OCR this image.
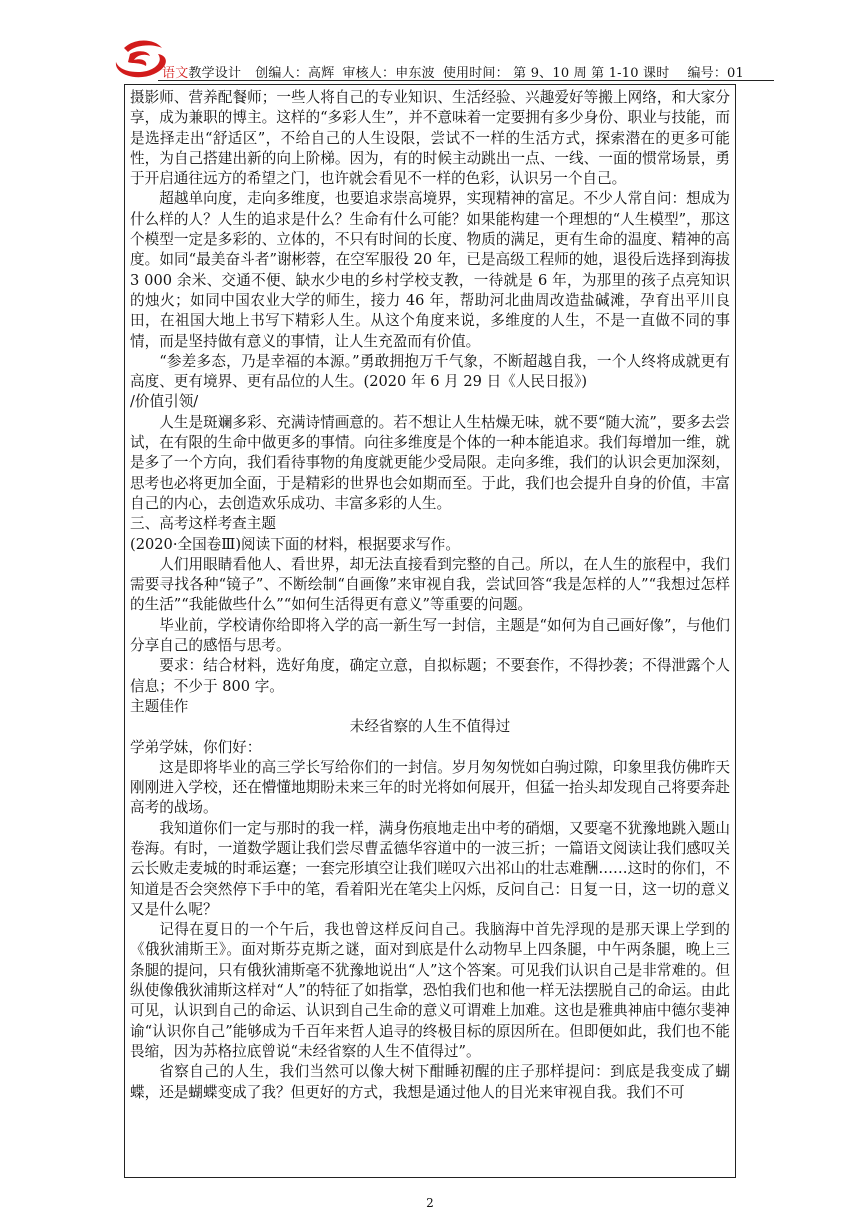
语文教学设计 创编人：高辉 审核人：申东波 使用时间： 第 9、10 周 第 1-10 课时 编号：01

摄影师、营养配餐师；一些人将自己的专业知识、生活经验、兴趣爱好等搬上网络，和大家分享，成为兼职的博主。这样的“多彩人生”，并不意味着一定要拥有多少身份、职业与技能，而是选择走出“舒适区”，不给自己的人生设限，尝试不一样的生活方式，探索潜在的更多可能性，为自己搭建出新的向上阶梯。因为，有的时候主动跳出一点、一线、一面的惯常场景，勇于开启通往远方的希望之门，也许就会看见不一样的色彩，认识另一个自己。

超越单向度，走向多维度，也要追求崇高境界，实现精神的富足。不少人常自问：想成为什么样的人？人生的追求是什么？生命有什么可能？如果能构建一个理想的“人生模型”，那这个模型一定是多彩的、立体的，不只有时间的长度、物质的满足，更有生命的温度、精神的高度。如同“最美奋斗者”谢彬蓉，在空军服役 20 年，已是高级工程师的她，退役后选择到海拔 3 000 余米、交通不便、缺水少电的乡村学校支教，一待就是 6 年，为那里的孩子点亮知识的烛火；如同中国农业大学的师生，接力 46 年，帮助河北曲周改造盐碱滩，孕育出平川良田，在祖国大地上书写下精彩人生。从这个角度来说，多维度的人生，不是一直做不同的事情，而是坚持做有意义的事情，让人生充盈而有价值。

“参差多态，乃是幸福的本源。”勇敢拥抱万千气象，不断超越自我，一个人终将成就更有高度、更有境界、更有品位的人生。(2020 年 6 月 29 日《人民日报》)

/价值引领/

人生是斑斓多彩、充满诗情画意的。若不想让人生枯燥无味，就不要“随大流”，要多去尝试，在有限的生命中做更多的事情。向往多维度是个体的一种本能追求。我们每增加一维，就是多了一个方向，我们看待事物的角度就更能少受局限。走向多维，我们的认识会更加深刻，思考也必将更加全面，于是精彩的世界也会如期而至。于此，我们也会提升自身的价值，丰富自己的内心，去创造欢乐成功、丰富多彩的人生。

三、高考这样考查主题

(2020·全国卷Ⅲ)阅读下面的材料，根据要求写作。

人们用眼睛看他人、看世界，却无法直接看到完整的自己。所以，在人生的旅程中，我们需要寻找各种“镜子”、不断绘制“自画像”来审视自我，尝试回答“我是怎样的人”“我想过怎样的生活”“我能做些什么”“如何生活得更有意义”等重要的问题。

毕业前，学校请你给即将入学的高一新生写一封信，主题是“如何为自己画好像”，与他们分享自己的感悟与思考。

要求：结合材料，选好角度，确定立意，自拟标题；不要套作，不得抄袭；不得泄露个人信息；不少于 800 字。

主题佳作

未经省察的人生不值得过

学弟学妹，你们好：

这是即将毕业的高三学长写给你们的一封信。岁月匆匆恍如白驹过隙，印象里我仿佛昨天刚刚进入学校，还在懵懂地期盼未来三年的时光将如何展开，但猛一抬头却发现自己将要奔赴高考的战场。

我知道你们一定与那时的我一样，满身伤痕地走出中考的硝烟，又要毫不犹豫地跳入题山卷海。有时，一道数学题让我们尝尽曹孟德华容道中的一波三折；一篇语文阅读让我们感叹关云长败走麦城的时乖运蹇；一套完形填空让我们嗟叹六出祁山的壮志难酬……这时的你们，不知道是否会突然停下手中的笔，看着阳光在笔尖上闪烁，反问自己：日复一日，这一切的意义又是什么呢？

记得在夏日的一个午后，我也曾这样反问自己。我脑海中首先浮现的是那天课上学到的《俄狄浦斯王》。面对斯芬克斯之谜，面对到底是什么动物早上四条腿，中午两条腿，晚上三条腿的提问，只有俄狄浦斯毫不犹豫地说出“人”这个答案。可见我们认识自己是非常难的。但纵使像俄狄浦斯这样对“人”的特征了如指掌，恐怕我们也和他一样无法摆脱自己的命运。由此可见，认识到自己的命运、认识到自己生命的意义可谓难上加难。这也是雅典神庙中德尔斐神谕“认识你自己”能够成为千百年来哲人追寻的终极目标的原因所在。但即便如此，我们也不能畏缩，因为苏格拉底曾说“未经省察的人生不值得过”。

省察自己的人生，我们当然可以像大树下酣睡初醒的庄子那样提问：到底是我变成了蝴蝶，还是蝴蝶变成了我？但更好的方式，我想是通过他人的目光来审视自我。我们不可

2
